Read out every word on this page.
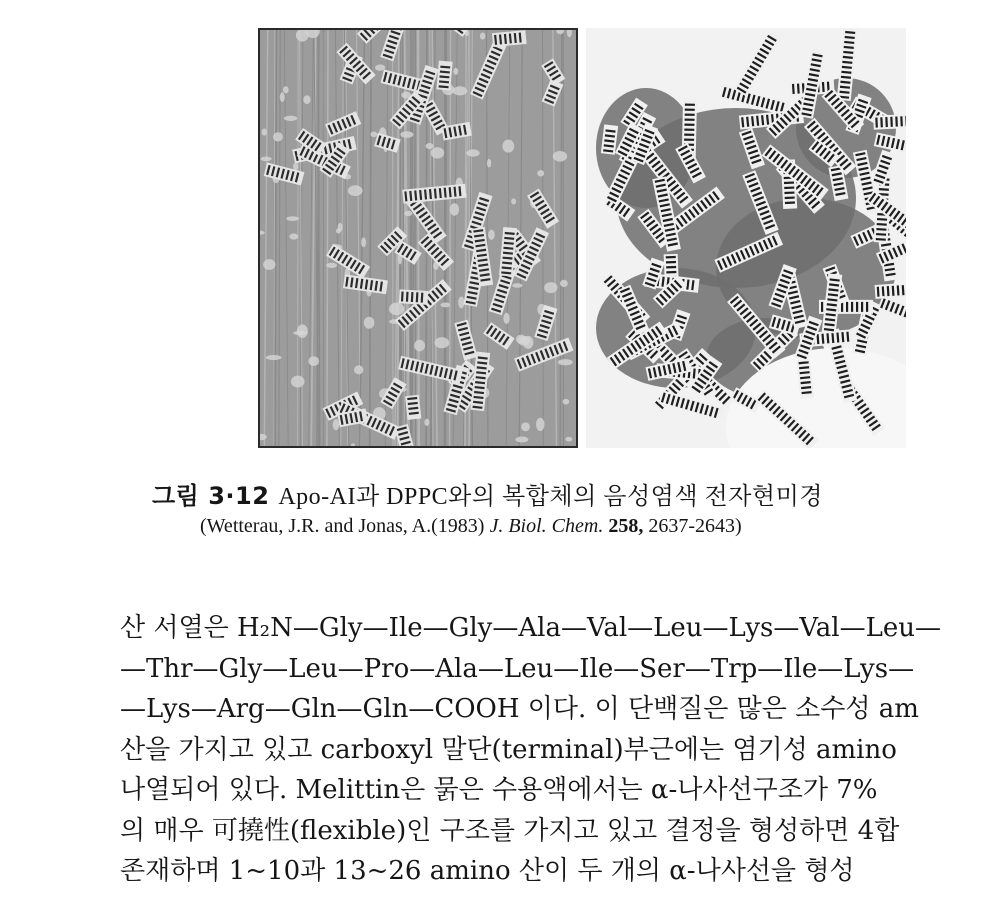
그림 3·12 Apo-AI과 DPPC와의 복합체의 음성염색 전자현미경
(Wetterau, J.R. and Jonas, A.(1983) J. Biol. Chem. 258, 2637-2643)
산 서열은 H₂N—Gly—Ile—Gly—Ala—Val—Leu—Lys—Val—Leu—
—Thr—Gly—Leu—Pro—Ala—Leu—Ile—Ser—Trp—Ile—Lys—
—Lys—Arg—Gln—Gln—COOH 이다. 이 단백질은 많은 소수성 am
산을 가지고 있고 carboxyl 말단(terminal)부근에는 염기성 amino
나열되어 있다. Melittin은 묽은 수용액에서는 α-나사선구조가 7%
의 매우 可撓性(flexible)인 구조를 가지고 있고 결정을 형성하면 4합
존재하며 1~10과 13~26 amino 산이 두 개의 α-나사선을 형성
